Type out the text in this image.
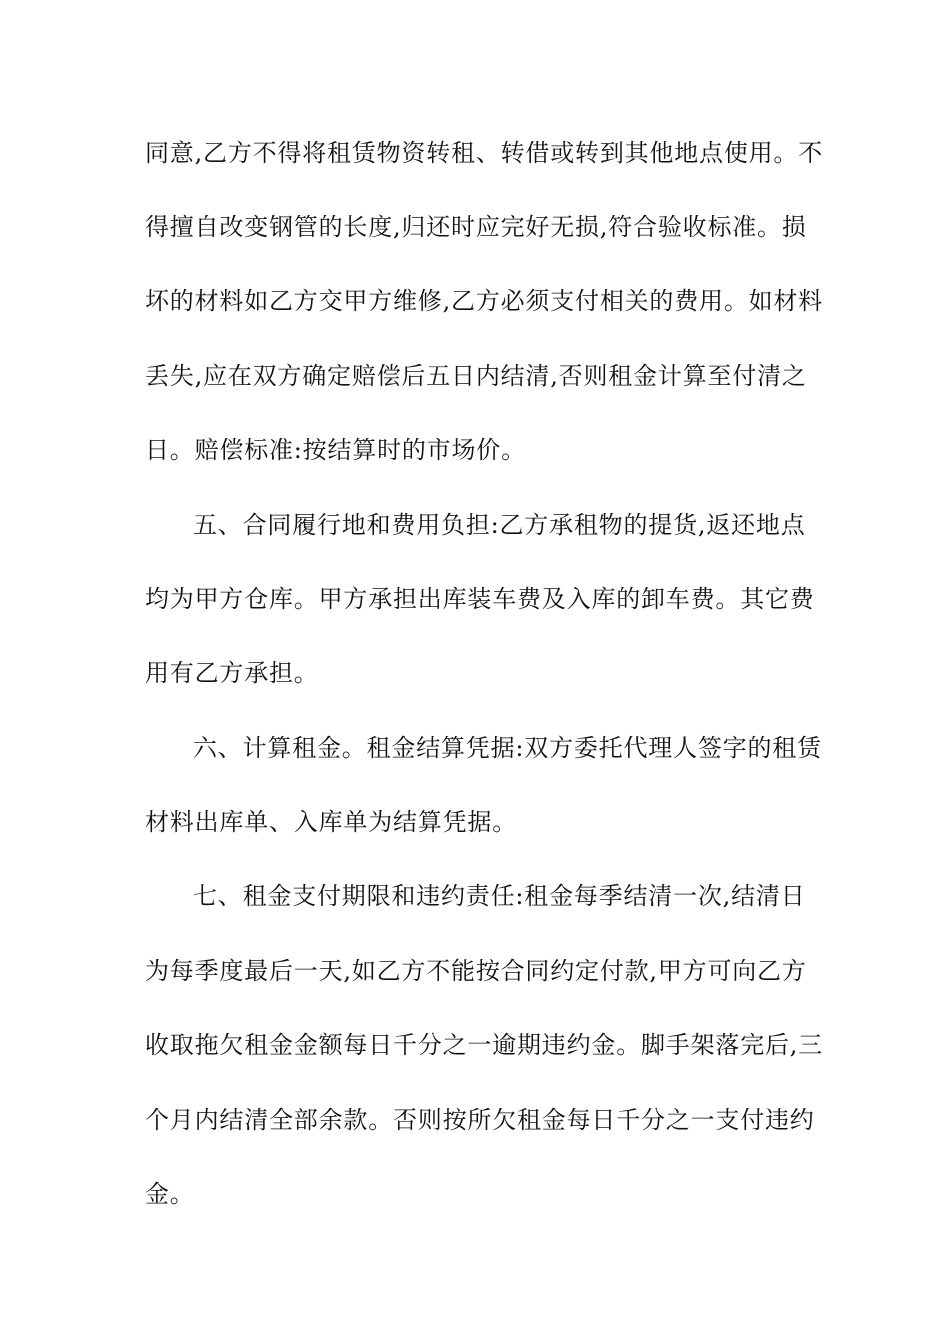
同意,乙方不得将租赁物资转租、转借或转到其他地点使用。不
得擅自改变钢管的长度,归还时应完好无损,符合验收标准。损
坏的材料如乙方交甲方维修,乙方必须支付相关的费用。如材料
丢失,应在双方确定赔偿后五日内结清,否则租金计算至付清之
日。赔偿标准:按结算时的市场价。
五、合同履行地和费用负担:乙方承租物的提货,返还地点
均为甲方仓库。甲方承担出库装车费及入库的卸车费。其它费
用有乙方承担。
六、计算租金。租金结算凭据:双方委托代理人签字的租赁
材料出库单、入库单为结算凭据。
七、租金支付期限和违约责任:租金每季结清一次,结清日
为每季度最后一天,如乙方不能按合同约定付款,甲方可向乙方
收取拖欠租金金额每日千分之一逾期违约金。脚手架落完后,三
个月内结清全部余款。否则按所欠租金每日千分之一支付违约
金。
